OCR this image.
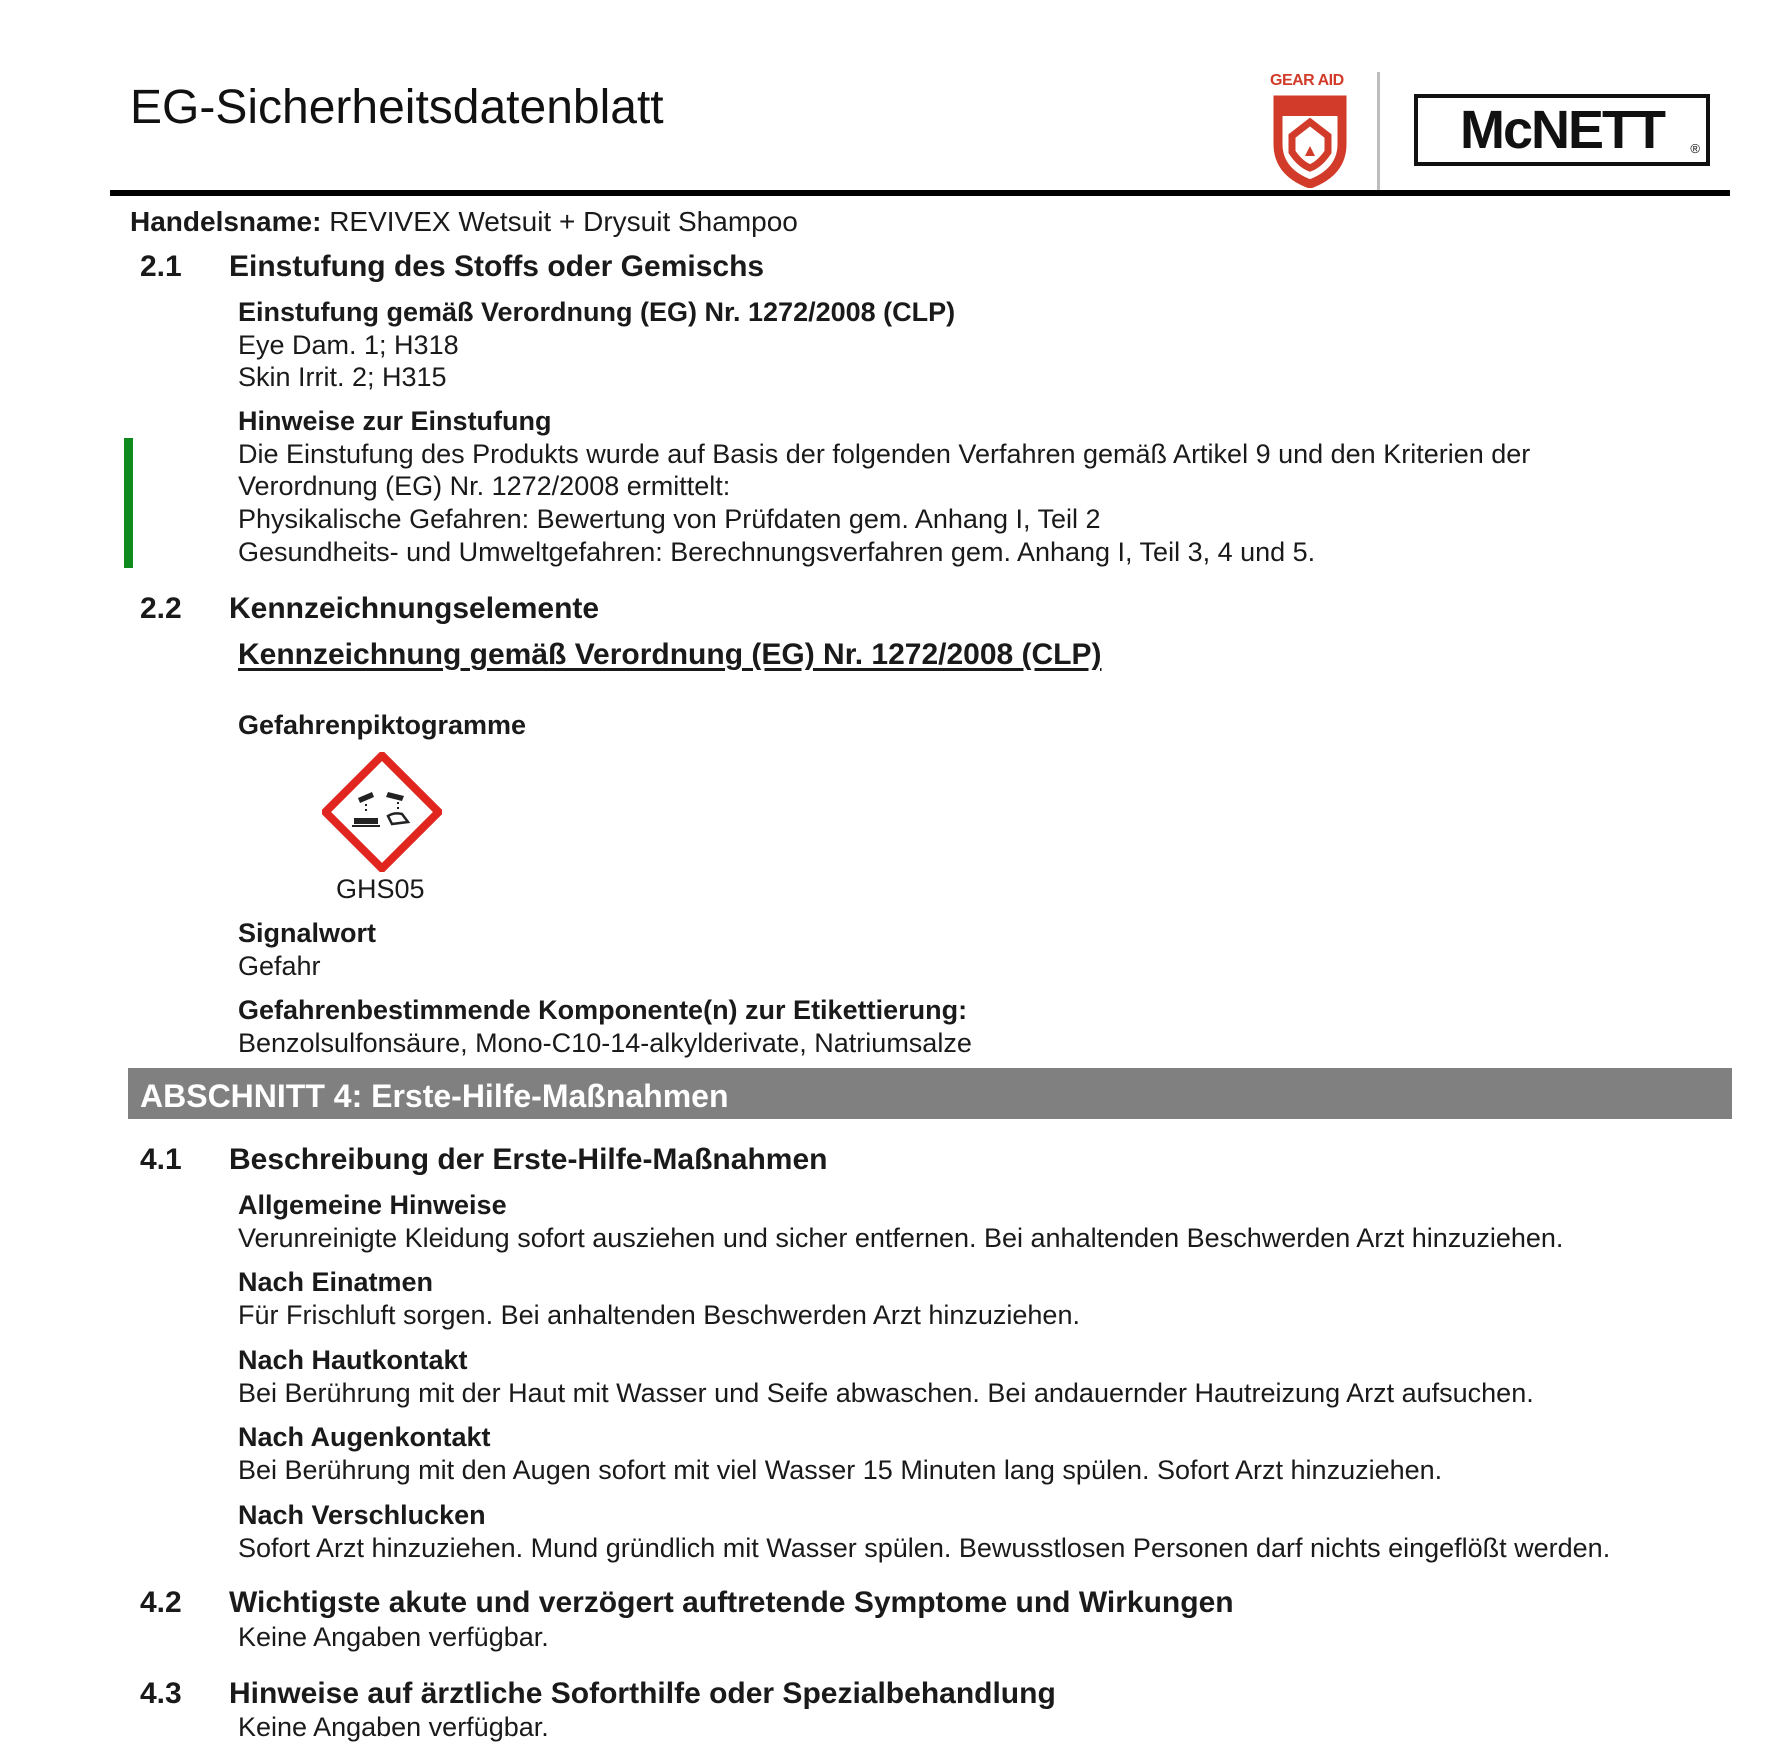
EG-Sicherheitsdatenblatt
GEAR AID
McNETT ®
Handelsname: REVIVEX Wetsuit + Drysuit Shampoo
2.1 Einstufung des Stoffs oder Gemischs
Einstufung gemäß Verordnung (EG) Nr. 1272/2008 (CLP)
Eye Dam. 1; H318
Skin Irrit. 2; H315
Hinweise zur Einstufung
Die Einstufung des Produkts wurde auf Basis der folgenden Verfahren gemäß Artikel 9 und den Kriterien der
Verordnung (EG) Nr. 1272/2008 ermittelt:
Physikalische Gefahren: Bewertung von Prüfdaten gem. Anhang I, Teil 2
Gesundheits- und Umweltgefahren: Berechnungsverfahren gem. Anhang I, Teil 3, 4 und 5.
2.2 Kennzeichnungselemente
Kennzeichnung gemäß Verordnung (EG) Nr. 1272/2008 (CLP)
Gefahrenpiktogramme
GHS05
Signalwort
Gefahr
Gefahrenbestimmende Komponente(n) zur Etikettierung:
Benzolsulfonsäure, Mono-C10-14-alkylderivate, Natriumsalze
ABSCHNITT 4: Erste-Hilfe-Maßnahmen
4.1 Beschreibung der Erste-Hilfe-Maßnahmen
Allgemeine Hinweise
Verunreinigte Kleidung sofort ausziehen und sicher entfernen. Bei anhaltenden Beschwerden Arzt hinzuziehen.
Nach Einatmen
Für Frischluft sorgen. Bei anhaltenden Beschwerden Arzt hinzuziehen.
Nach Hautkontakt
Bei Berührung mit der Haut mit Wasser und Seife abwaschen. Bei andauernder Hautreizung Arzt aufsuchen.
Nach Augenkontakt
Bei Berührung mit den Augen sofort mit viel Wasser 15 Minuten lang spülen. Sofort Arzt hinzuziehen.
Nach Verschlucken
Sofort Arzt hinzuziehen. Mund gründlich mit Wasser spülen. Bewusstlosen Personen darf nichts eingeflößt werden.
4.2 Wichtigste akute und verzögert auftretende Symptome und Wirkungen
Keine Angaben verfügbar.
4.3 Hinweise auf ärztliche Soforthilfe oder Spezialbehandlung
Keine Angaben verfügbar.
